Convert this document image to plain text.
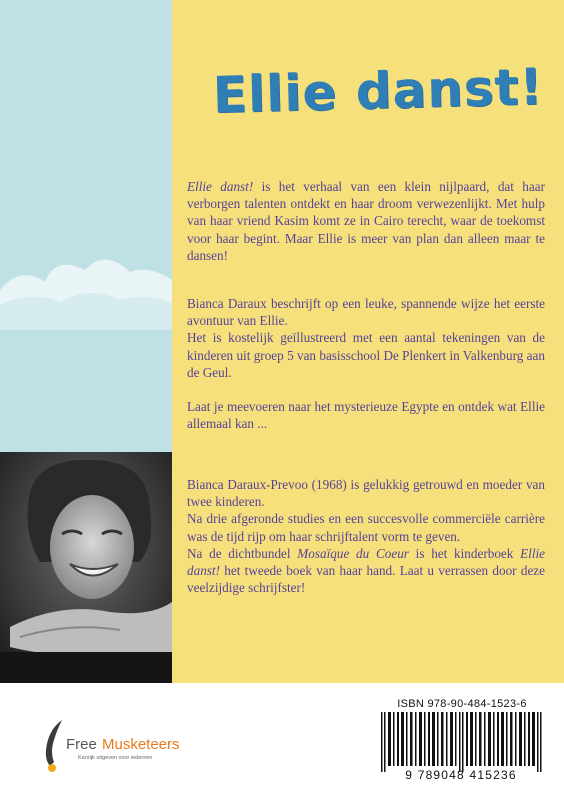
Ellie danst!
Ellie danst! is het verhaal van een klein nijlpaard, dat haar verborgen talenten ontdekt en haar droom verwezenlijkt. Met hulp van haar vriend Kasim komt ze in Cairo terecht, waar de toekomst voor haar begint. Maar Ellie is meer van plan dan alleen maar te dansen!
Bianca Daraux beschrijft op een leuke, spannende wijze het eerste avontuur van Ellie.
Het is kostelijk geïllustreerd met een aantal tekeningen van de kinderen uit groep 5 van basisschool De Plenkert in Valkenburg aan de Geul.
Laat je meevoeren naar het mysterieuze Egypte en ontdek wat Ellie allemaal kan ...
Bianca Daraux-Prevoo (1968) is gelukkig getrouwd en moeder van twee kinderen.
Na drie afgeronde studies en een succesvolle commerciële carrière was de tijd rijp om haar schrijftalent vorm te geven.
Na de dichtbundel Mosaïque du Coeur is het kinderboek Ellie danst! het tweede boek van haar hand. Laat u verrassen door deze veelzijdige schrijfster!
Free Musketeers
Kanrijk uitgeven voor iedereen
ISBN 978-90-484-1523-6
9 789048 415236
